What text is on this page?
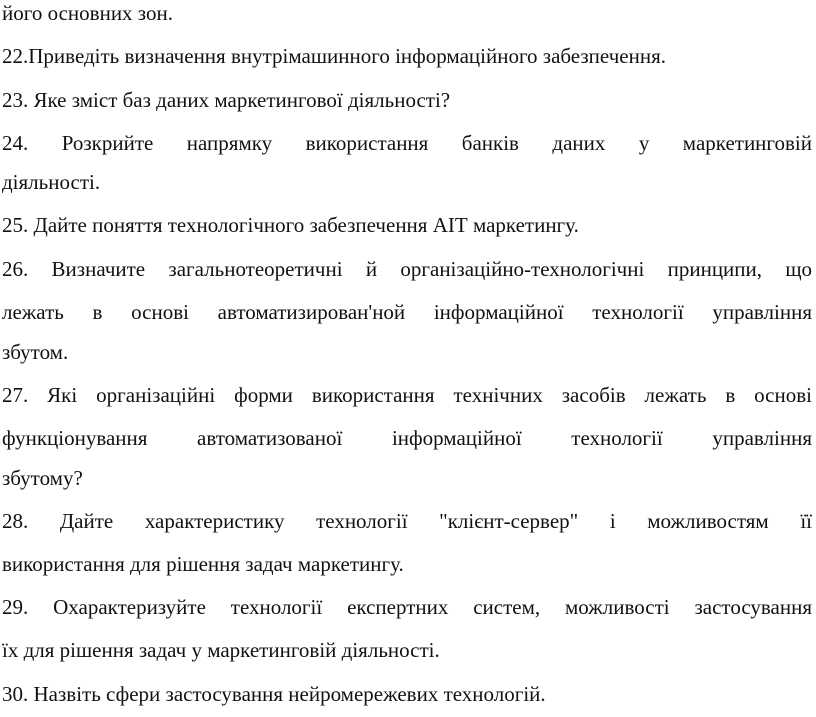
його основних зон.
22.Приведіть визначення внутрімашинного інформаційного забезпечення.
23. Яке зміст баз даних маркетингової діяльності?
24. Розкрийте напрямку використання банків даних у маркетинговій
діяльності.
25. Дайте поняття технологічного забезпечення АІТ маркетингу.
26. Визначите загальнотеоретичні й організаційно-технологічні принципи, що
лежать в основі автоматизирован'ной інформаційної технології управління
збутом.
27. Які організаційні форми використання технічних засобів лежать в основі
функціонування автоматизованої інформаційної технології управління
збутому?
28. Дайте характеристику технології "клієнт-сервер" і можливостям її
використання для рішення задач маркетингу.
29. Охарактеризуйте технології експертних систем, можливості застосування
їх для рішення задач у маркетинговій діяльності.
30. Назвіть сфери застосування нейромережевих технологій.
